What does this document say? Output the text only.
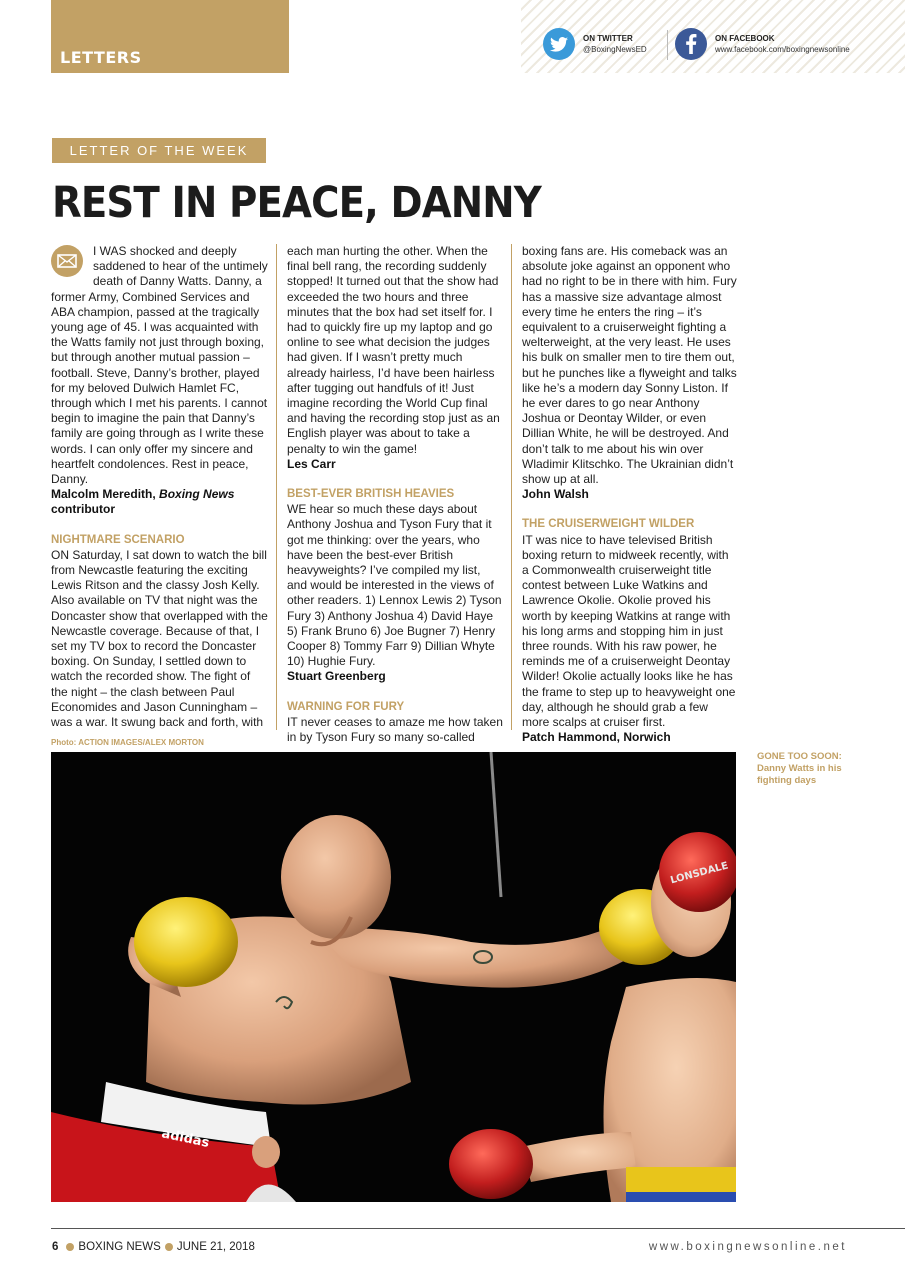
LETTERS
ON TWITTER
@BoxingNewsED
ON FACEBOOK
www.facebook.com/boxingnewsonline
LETTER OF THE WEEK
REST IN PEACE, DANNY

I WAS shocked and deeply saddened to hear of the untimely death of Danny Watts. Danny, a former Army, Combined Services and ABA champion, passed at the tragically young age of 45. I was acquainted with the Watts family not just through boxing, but through another mutual passion – football. Steve, Danny’s brother, played for my beloved Dulwich Hamlet FC, through which I met his parents. I cannot begin to imagine the pain that Danny’s family are going through as I write these words. I can only offer my sincere and heartfelt condolences. Rest in peace, Danny.

Malcolm Meredith, Boxing News
contributor

NIGHTMARE SCENARIO

ON Saturday, I sat down to watch the bill from Newcastle featuring the exciting Lewis Ritson and the classy Josh Kelly. Also available on TV that night was the Doncaster show that overlapped with the Newcastle coverage. Because of that, I set my TV box to record the Doncaster boxing. On Sunday, I settled down to watch the recorded show. The fight of the night – the clash between Paul Economides and Jason Cunningham – was a war. It swung back and forth, with

each man hurting the other. When the final bell rang, the recording suddenly stopped! It turned out that the show had exceeded the two hours and three minutes that the box had set itself for. I had to quickly fire up my laptop and go online to see what decision the judges had given. If I wasn’t pretty much already hairless, I’d have been hairless after tugging out handfuls of it! Just imagine recording the World Cup final and having the recording stop just as an English player was about to take a penalty to win the game!

Les Carr

BEST-EVER BRITISH HEAVIES

WE hear so much these days about Anthony Joshua and Tyson Fury that it got me thinking: over the years, who have been the best-ever British heavyweights? I’ve compiled my list, and would be interested in the views of other readers. 1) Lennox Lewis 2) Tyson Fury 3) Anthony Joshua 4) David Haye 5) Frank Bruno 6) Joe Bugner 7) Henry Cooper 8) Tommy Farr 9) Dillian Whyte 10) Hughie Fury.

Stuart Greenberg

WARNING FOR FURY

IT never ceases to amaze me how taken in by Tyson Fury so many so-called

boxing fans are. His comeback was an absolute joke against an opponent who had no right to be in there with him. Fury has a massive size advantage almost every time he enters the ring – it’s equivalent to a cruiserweight fighting a welterweight, at the very least. He uses his bulk on smaller men to tire them out, but he punches like a flyweight and talks like he’s a modern day Sonny Liston. If he ever dares to go near Anthony Joshua or Deontay Wilder, or even Dillian White, he will be destroyed. And don’t talk to me about his win over Wladimir Klitschko. The Ukrainian didn’t show up at all.

John Walsh

THE CRUISERWEIGHT WILDER

IT was nice to have televised British boxing return to midweek recently, with a Commonwealth cruiserweight title contest between Luke Watkins and Lawrence Okolie. Okolie proved his worth by keeping Watkins at range with his long arms and stopping him in just three rounds. With his raw power, he reminds me of a cruiserweight Deontay Wilder! Okolie actually looks like he has the frame to step up to heavyweight one day, although he should grab a few more scalps at cruiser first.

Patch Hammond, Norwich

Photo: ACTION IMAGES/ALEX MORTON
adidas
LONSDALE
GONE TOO SOON:
Danny Watts in his fighting days
6 BOXING NEWS JUNE 21, 2018	www.boxingnewsonline.net
